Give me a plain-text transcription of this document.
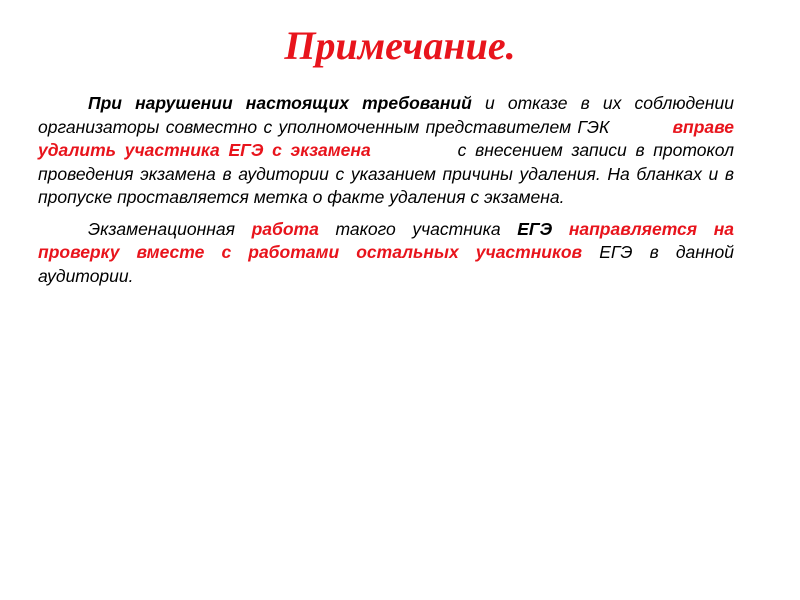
Примечание.

При нарушении настоящих требований и отказе в их соблюдении организаторы совместно с уполномоченным представителем ГЭК          вправе удалить участника ЕГЭ с экзамена          с внесением записи в протокол проведения экзамена в аудитории с указанием причины удаления. На бланках и в пропуске проставляется метка о факте удаления с экзамена.

Экзаменационная работа такого участника ЕГЭ направляется на проверку вместе с работами остальных участников ЕГЭ в данной аудитории.
